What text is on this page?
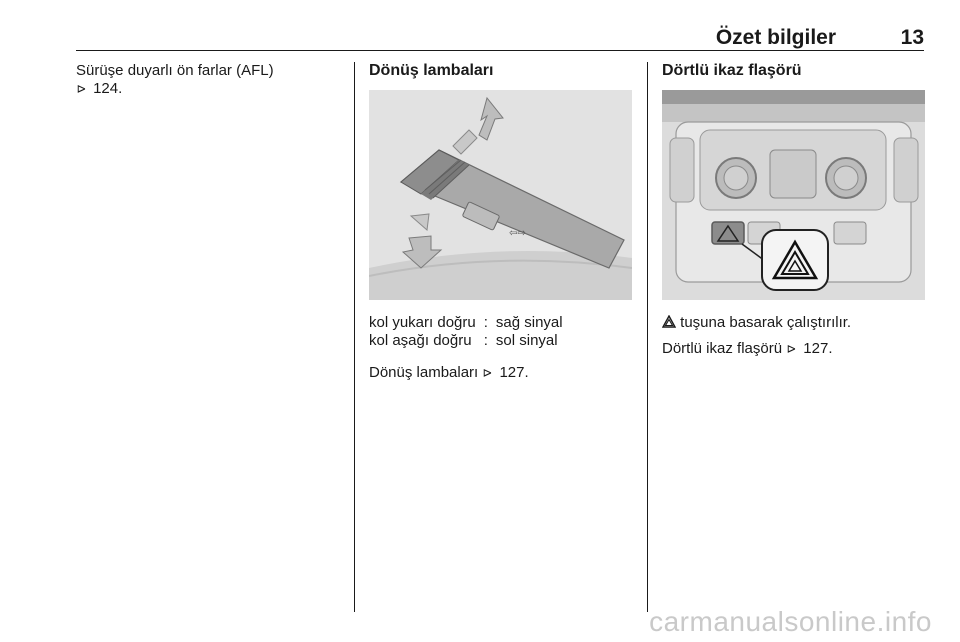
Özet bilgiler	13
Sürüşe duyarlı ön farlar (AFL)
⊳ 124.
Dönüş lambaları
⇦⇨
kol yukarı doğru	:	sağ sinyal
kol aşağı doğru	:	sol sinyal
Dönüş lambaları ⊳ 127.
Dörtlü ikaz flaşörü
tuşuna basarak çalıştırılır.
Dörtlü ikaz flaşörü ⊳ 127.
carmanualsonline.info
